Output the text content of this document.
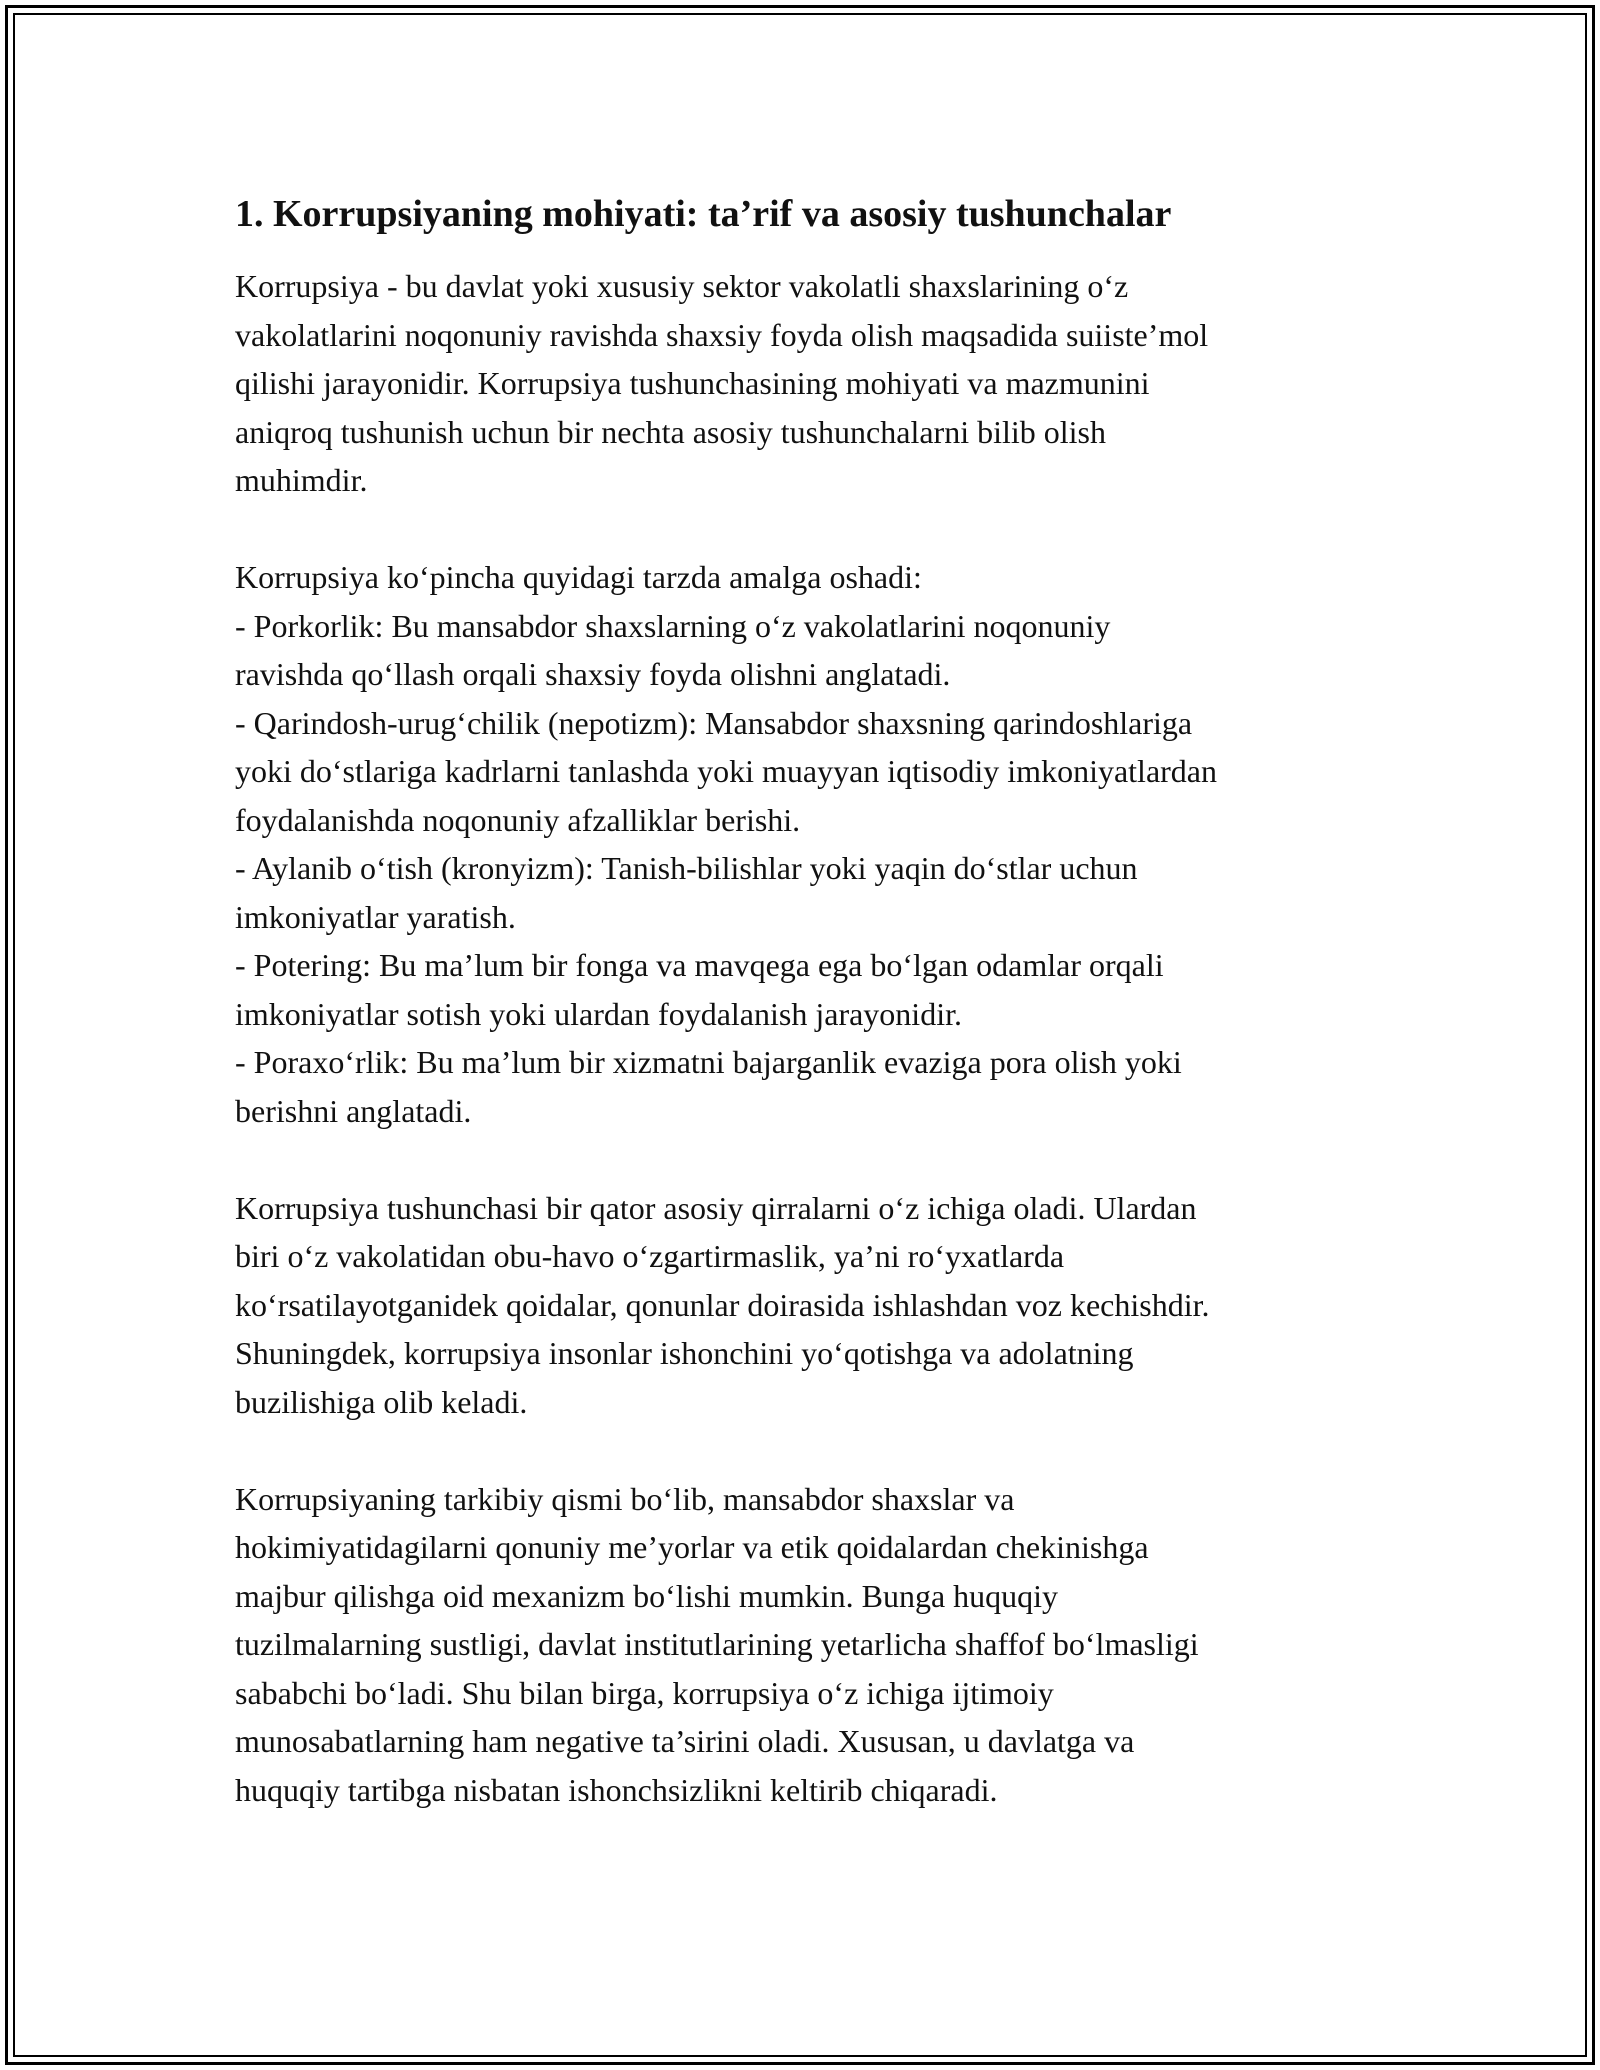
1. Korrupsiyaning mohiyati: ta’rif va asosiy tushunchalar

Korrupsiya - bu davlat yoki xususiy sektor vakolatli shaxslarining o‘z
vakolatlarini noqonuniy ravishda shaxsiy foyda olish maqsadida suiiste’mol
qilishi jarayonidir. Korrupsiya tushunchasining mohiyati va mazmunini
aniqroq tushunish uchun bir nechta asosiy tushunchalarni bilib olish
muhimdir.

Korrupsiya ko‘pincha quyidagi tarzda amalga oshadi:
- Porkorlik: Bu mansabdor shaxslarning o‘z vakolatlarini noqonuniy
ravishda qo‘llash orqali shaxsiy foyda olishni anglatadi.
- Qarindosh-urug‘chilik (nepotizm): Mansabdor shaxsning qarindoshlariga
yoki do‘stlariga kadrlarni tanlashda yoki muayyan iqtisodiy imkoniyatlardan
foydalanishda noqonuniy afzalliklar berishi.
- Aylanib o‘tish (kronyizm): Tanish-bilishlar yoki yaqin do‘stlar uchun
imkoniyatlar yaratish.
- Potering: Bu ma’lum bir fonga va mavqega ega bo‘lgan odamlar orqali
imkoniyatlar sotish yoki ulardan foydalanish jarayonidir.
- Poraxo‘rlik: Bu ma’lum bir xizmatni bajarganlik evaziga pora olish yoki
berishni anglatadi.

Korrupsiya tushunchasi bir qator asosiy qirralarni o‘z ichiga oladi. Ulardan
biri o‘z vakolatidan obu-havo o‘zgartirmaslik, ya’ni ro‘yxatlarda
ko‘rsatilayotganidek qoidalar, qonunlar doirasida ishlashdan voz kechishdir.
Shuningdek, korrupsiya insonlar ishonchini yo‘qotishga va adolatning
buzilishiga olib keladi.

Korrupsiyaning tarkibiy qismi bo‘lib, mansabdor shaxslar va
hokimiyatidagilarni qonuniy me’yorlar va etik qoidalardan chekinishga
majbur qilishga oid mexanizm bo‘lishi mumkin. Bunga huquqiy
tuzilmalarning sustligi, davlat institutlarining yetarlicha shaffof bo‘lmasligi
sababchi bo‘ladi. Shu bilan birga, korrupsiya o‘z ichiga ijtimoiy
munosabatlarning ham negative ta’sirini oladi. Xususan, u davlatga va
huquqiy tartibga nisbatan ishonchsizlikni keltirib chiqaradi.
